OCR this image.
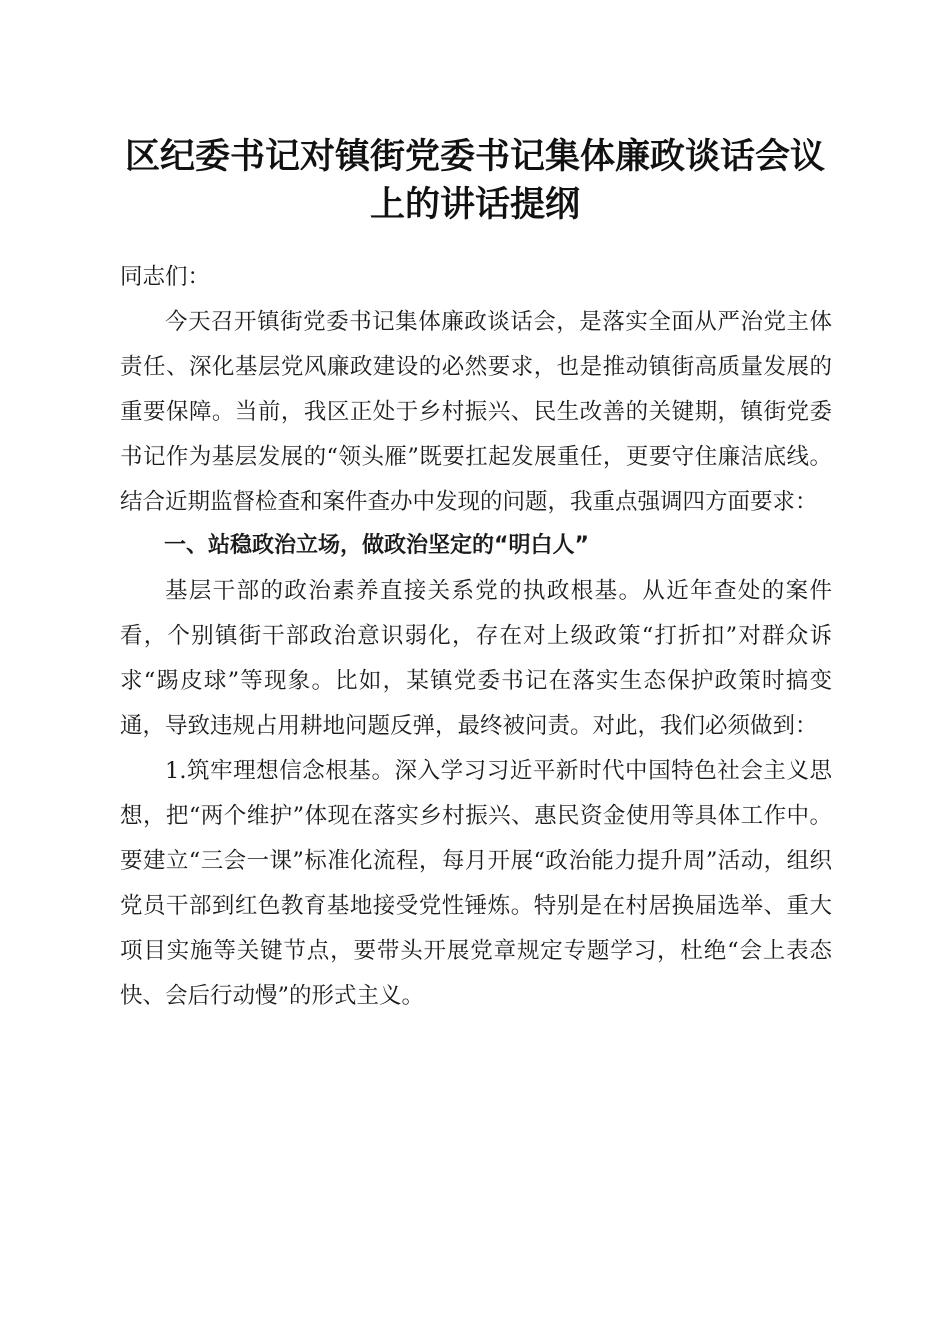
区纪委书记对镇街党委书记集体廉政谈话会议
上的讲话提纲

同志们：

今天召开镇街党委书记集体廉政谈话会，是落实全面从严治党主体责任、深化基层党风廉政建设的必然要求，也是推动镇街高质量发展的重要保障。当前，我区正处于乡村振兴、民生改善的关键期，镇街党委书记作为基层发展的“领头雁”既要扛起发展重任，更要守住廉洁底线。结合近期监督检查和案件查办中发现的问题，我重点强调四方面要求：

一、站稳政治立场，做政治坚定的“明白人”

基层干部的政治素养直接关系党的执政根基。从近年查处的案件看，个别镇街干部政治意识弱化，存在对上级政策“打折扣”对群众诉求“踢皮球”等现象。比如，某镇党委书记在落实生态保护政策时搞变通，导致违规占用耕地问题反弹，最终被问责。对此，我们必须做到：

1.筑牢理想信念根基。深入学习习近平新时代中国特色社会主义思想，把“两个维护”体现在落实乡村振兴、惠民资金使用等具体工作中。要建立“三会一课”标准化流程，每月开展“政治能力提升周”活动，组织党员干部到红色教育基地接受党性锤炼。特别是在村居换届选举、重大项目实施等关键节点，要带头开展党章规定专题学习，杜绝“会上表态快、会后行动慢”的形式主义。
